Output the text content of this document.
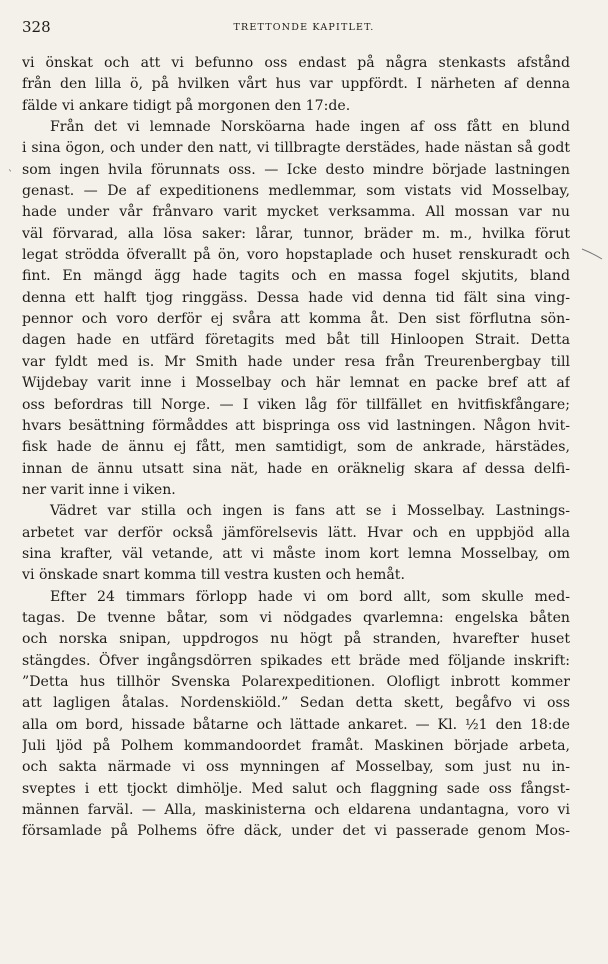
328	TRETTONDE KAPITLET.
`
vi önskat och att vi befunno oss endast på några stenkasts afstånd
från den lilla ö, på hvilken vårt hus var uppfördt. I närheten af denna
fälde vi ankare tidigt på morgonen den 17:de.
Från det vi lemnade Norsköarna hade ingen af oss fått en blund
i sina ögon, och under den natt, vi tillbragte derstädes, hade nästan så godt
som ingen hvila förunnats oss. — Icke desto mindre började lastningen
genast. — De af expeditionens medlemmar, som vistats vid Mosselbay,
hade under vår frånvaro varit mycket verksamma. All mossan var nu
väl förvarad, alla lösa saker: lårar, tunnor, bräder m. m., hvilka förut
legat strödda öfverallt på ön, voro hopstaplade och huset renskuradt och
fint. En mängd ägg hade tagits och en massa fogel skjutits, bland
denna ett halft tjog ringgäss. Dessa hade vid denna tid fält sina ving-
pennor och voro derför ej svåra att komma åt. Den sist förflutna sön-
dagen hade en utfärd företagits med båt till Hinloopen Strait. Detta
var fyldt med is. Mr Smith hade under resa från Treurenbergbay till
Wijdebay varit inne i Mosselbay och här lemnat en packe bref att af
oss befordras till Norge. — I viken låg för tillfället en hvitfiskfångare;
hvars besättning förmåddes att bispringa oss vid lastningen. Någon hvit-
fisk hade de ännu ej fått, men samtidigt, som de ankrade, härstädes,
innan de ännu utsatt sina nät, hade en oräknelig skara af dessa delfi-
ner varit inne i viken.
Vädret var stilla och ingen is fans att se i Mosselbay. Lastnings-
arbetet var derför också jämförelsevis lätt. Hvar och en uppbjöd alla
sina krafter, väl vetande, att vi måste inom kort lemna Mosselbay, om
vi önskade snart komma till vestra kusten och hemåt.
Efter 24 timmars förlopp hade vi om bord allt, som skulle med-
tagas. De tvenne båtar, som vi nödgades qvarlemna: engelska båten
och norska snipan, uppdrogos nu högt på stranden, hvarefter huset
stängdes. Öfver ingångsdörren spikades ett bräde med följande inskrift:
”Detta hus tillhör Svenska Polarexpeditionen. Olofligt inbrott kommer
att lagligen åtalas. Nordenskiöld.” Sedan detta skett, begåfvo vi oss
alla om bord, hissade båtarne och lättade ankaret. — Kl. ½1 den 18:de
Juli ljöd på Polhem kommandoordet framåt. Maskinen började arbeta,
och sakta närmade vi oss mynningen af Mosselbay, som just nu in-
sveptes i ett tjockt dimhölje. Med salut och flaggning sade oss fångst-
männen farväl. — Alla, maskinisterna och eldarena undantagna, voro vi
församlade på Polhems öfre däck, under det vi passerade genom Mos-
